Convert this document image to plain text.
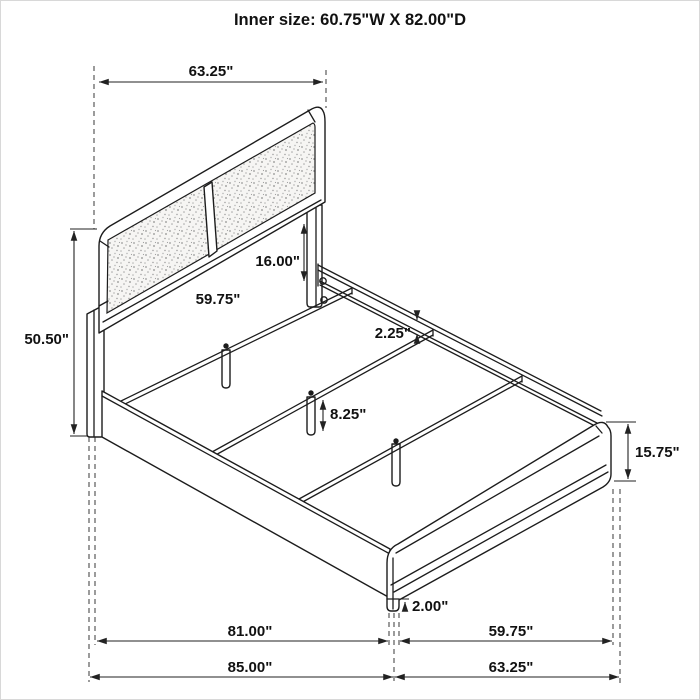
Inner size: 60.75"W X 82.00"D
63.25"
50.50"
16.00"
59.75"
2.25"
8.25"
15.75"
2.00"
81.00"	59.75"
85.00"	63.25"
